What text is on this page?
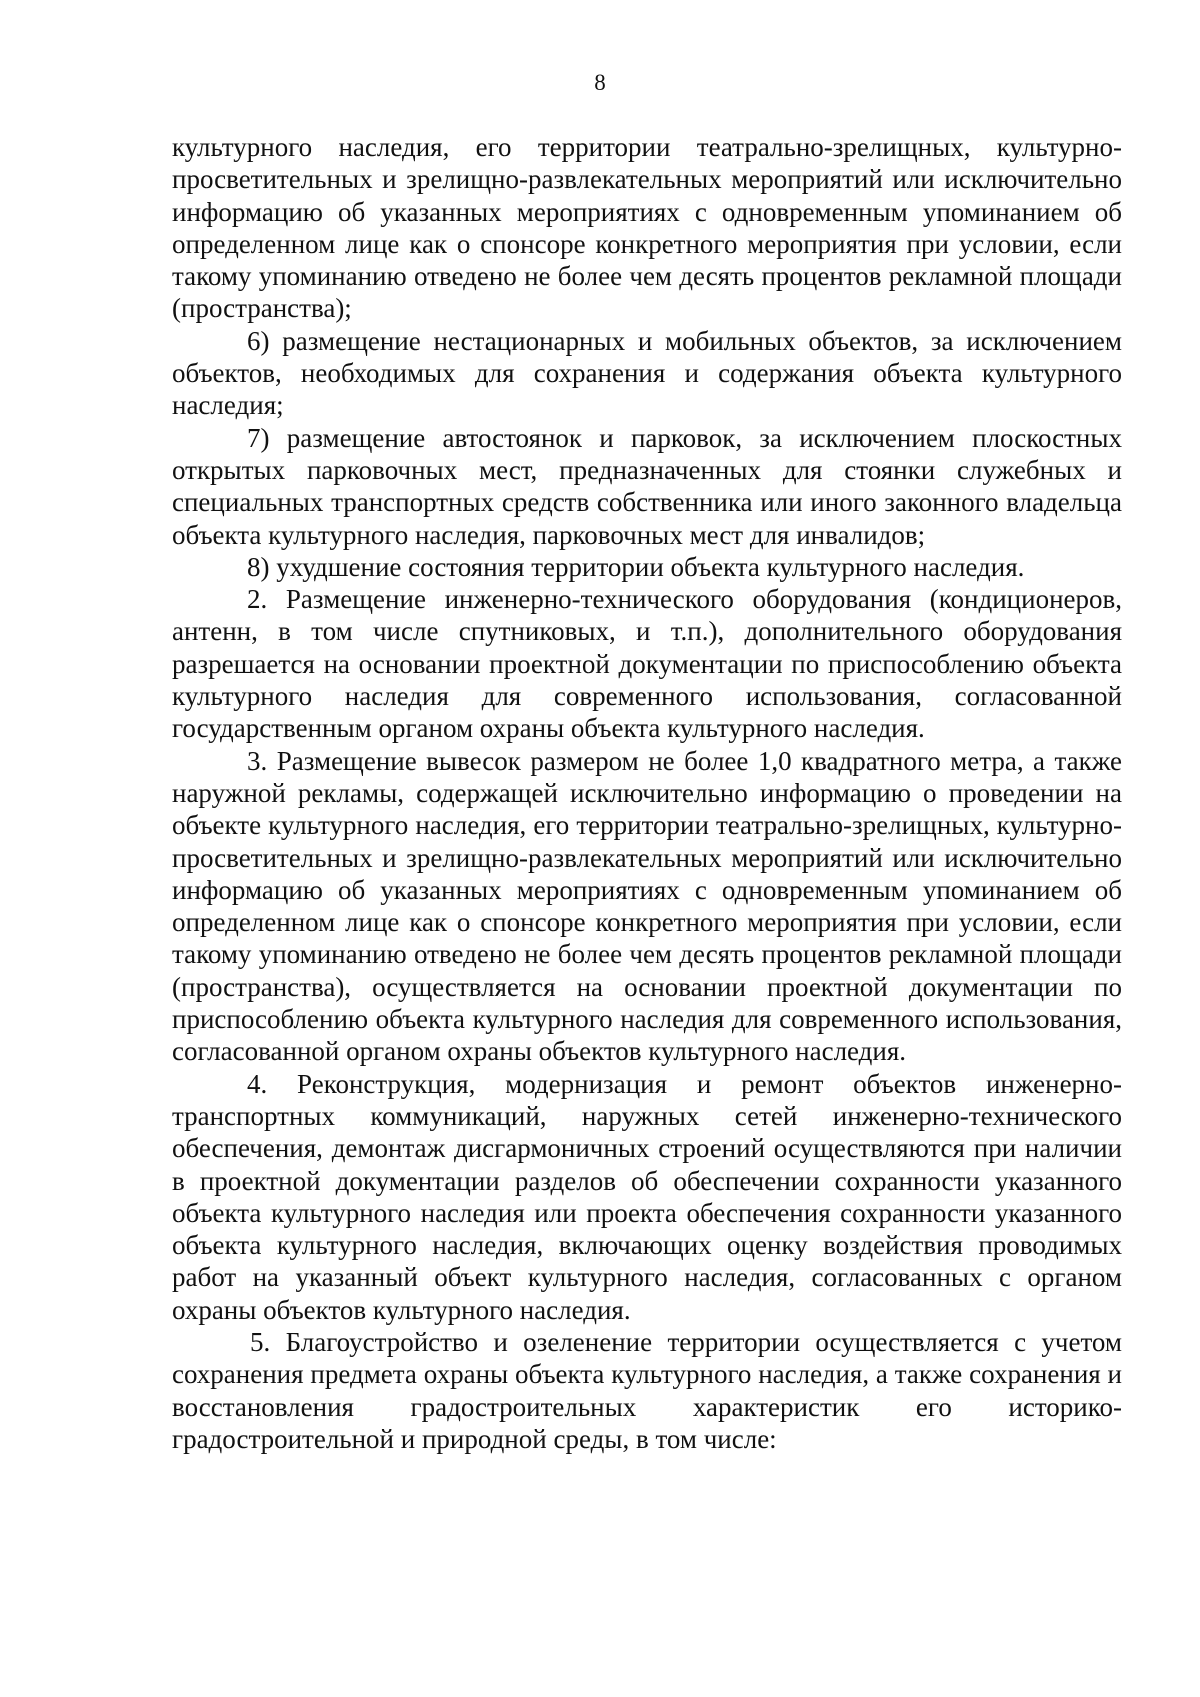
8

культурного наследия, его территории театрально-зрелищных, культурно-просветительных и зрелищно-развлекательных мероприятий или исключительно информацию об указанных мероприятиях с одновременным упоминанием об определенном лице как о спонсоре конкретного мероприятия при условии, если такому упоминанию отведено не более чем десять процентов рекламной площади (пространства);

6) размещение нестационарных и мобильных объектов, за исключением объектов, необходимых для сохранения и содержания объекта культурного наследия;

7) размещение автостоянок и парковок, за исключением плоскостных открытых парковочных мест, предназначенных для стоянки служебных и специальных транспортных средств собственника или иного законного владельца объекта культурного наследия, парковочных мест для инвалидов;

8) ухудшение состояния территории объекта культурного наследия.

2. Размещение инженерно-технического оборудования (кондиционеров, антенн, в том числе спутниковых, и т.п.), дополнительного оборудования разрешается на основании проектной документации по приспособлению объекта культурного наследия для современного использования, согласованной государственным органом охраны объекта культурного наследия.

3. Размещение вывесок размером не более 1,0 квадратного метра, а также наружной рекламы, содержащей исключительно информацию о проведении на объекте культурного наследия, его территории театрально-зрелищных, культурно-просветительных и зрелищно-развлекательных мероприятий или исключительно информацию об указанных мероприятиях с одновременным упоминанием об определенном лице как о спонсоре конкретного мероприятия при условии, если такому упоминанию отведено не более чем десять процентов рекламной площади (пространства), осуществляется на основании проектной документации по приспособлению объекта культурного наследия для современного использования, согласованной органом охраны объектов культурного наследия.

4. Реконструкция, модернизация и ремонт объектов инженерно-транспортных коммуникаций, наружных сетей инженерно-технического обеспечения, демонтаж дисгармоничных строений осуществляются при наличии в проектной документации разделов об обеспечении сохранности указанного объекта культурного наследия или проекта обеспечения сохранности указанного объекта культурного наследия, включающих оценку воздействия проводимых работ на указанный объект культурного наследия, согласованных с органом охраны объектов культурного наследия.

5. Благоустройство и озеленение территории осуществляется с учетом сохранения предмета охраны объекта культурного наследия, а также сохранения и восстановления градостроительных характеристик его историко-градостроительной и природной среды, в том числе:
